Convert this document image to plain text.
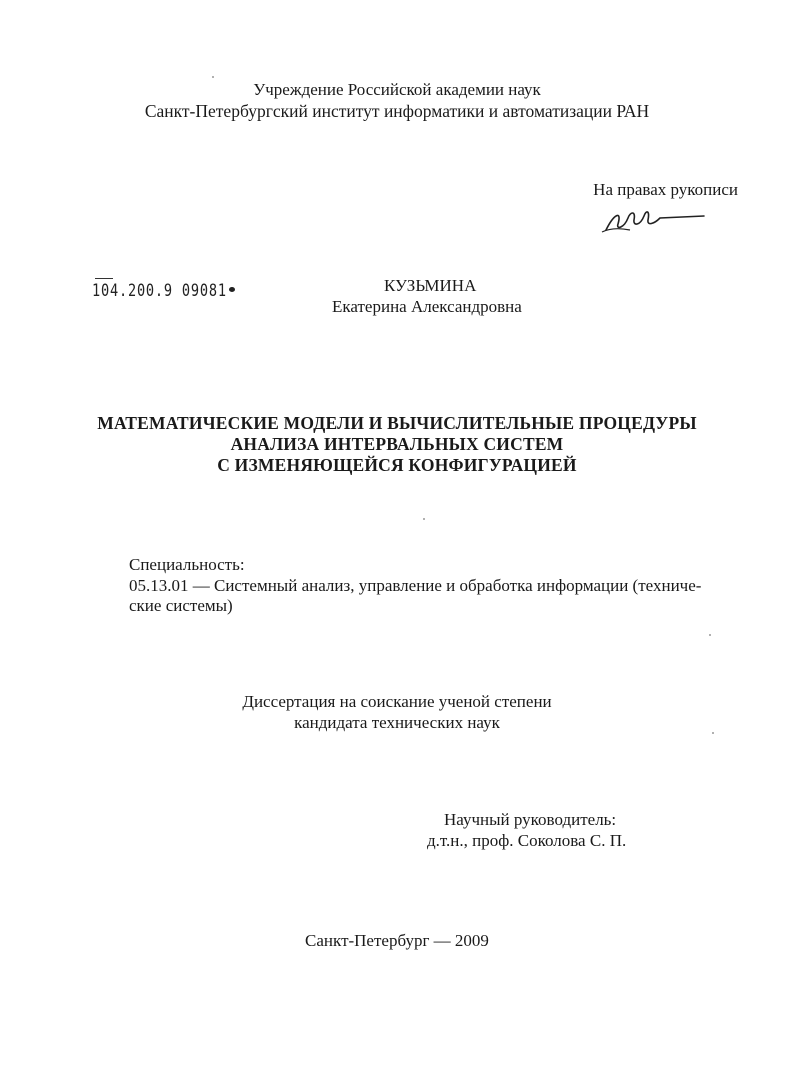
Учреждение Российской академии наук
Санкт-Петербургский институт информатики и автоматизации РАН
На правах рукописи
104.200.9 09081	КУЗЬМИНА
Екатерина Александровна
МАТЕМАТИЧЕСКИЕ МОДЕЛИ И ВЫЧИСЛИТЕЛЬНЫЕ ПРОЦЕДУРЫ
АНАЛИЗА ИНТЕРВАЛЬНЫХ СИСТЕМ
С ИЗМЕНЯЮЩЕЙСЯ КОНФИГУРАЦИЕЙ
Специальность:
05.13.01 — Системный анализ, управление и обработка информации (техниче-
ские системы)
Диссертация на соискание ученой степени
кандидата технических наук
Научный руководитель:
д.т.н., проф. Соколова С. П.
Санкт-Петербург — 2009
